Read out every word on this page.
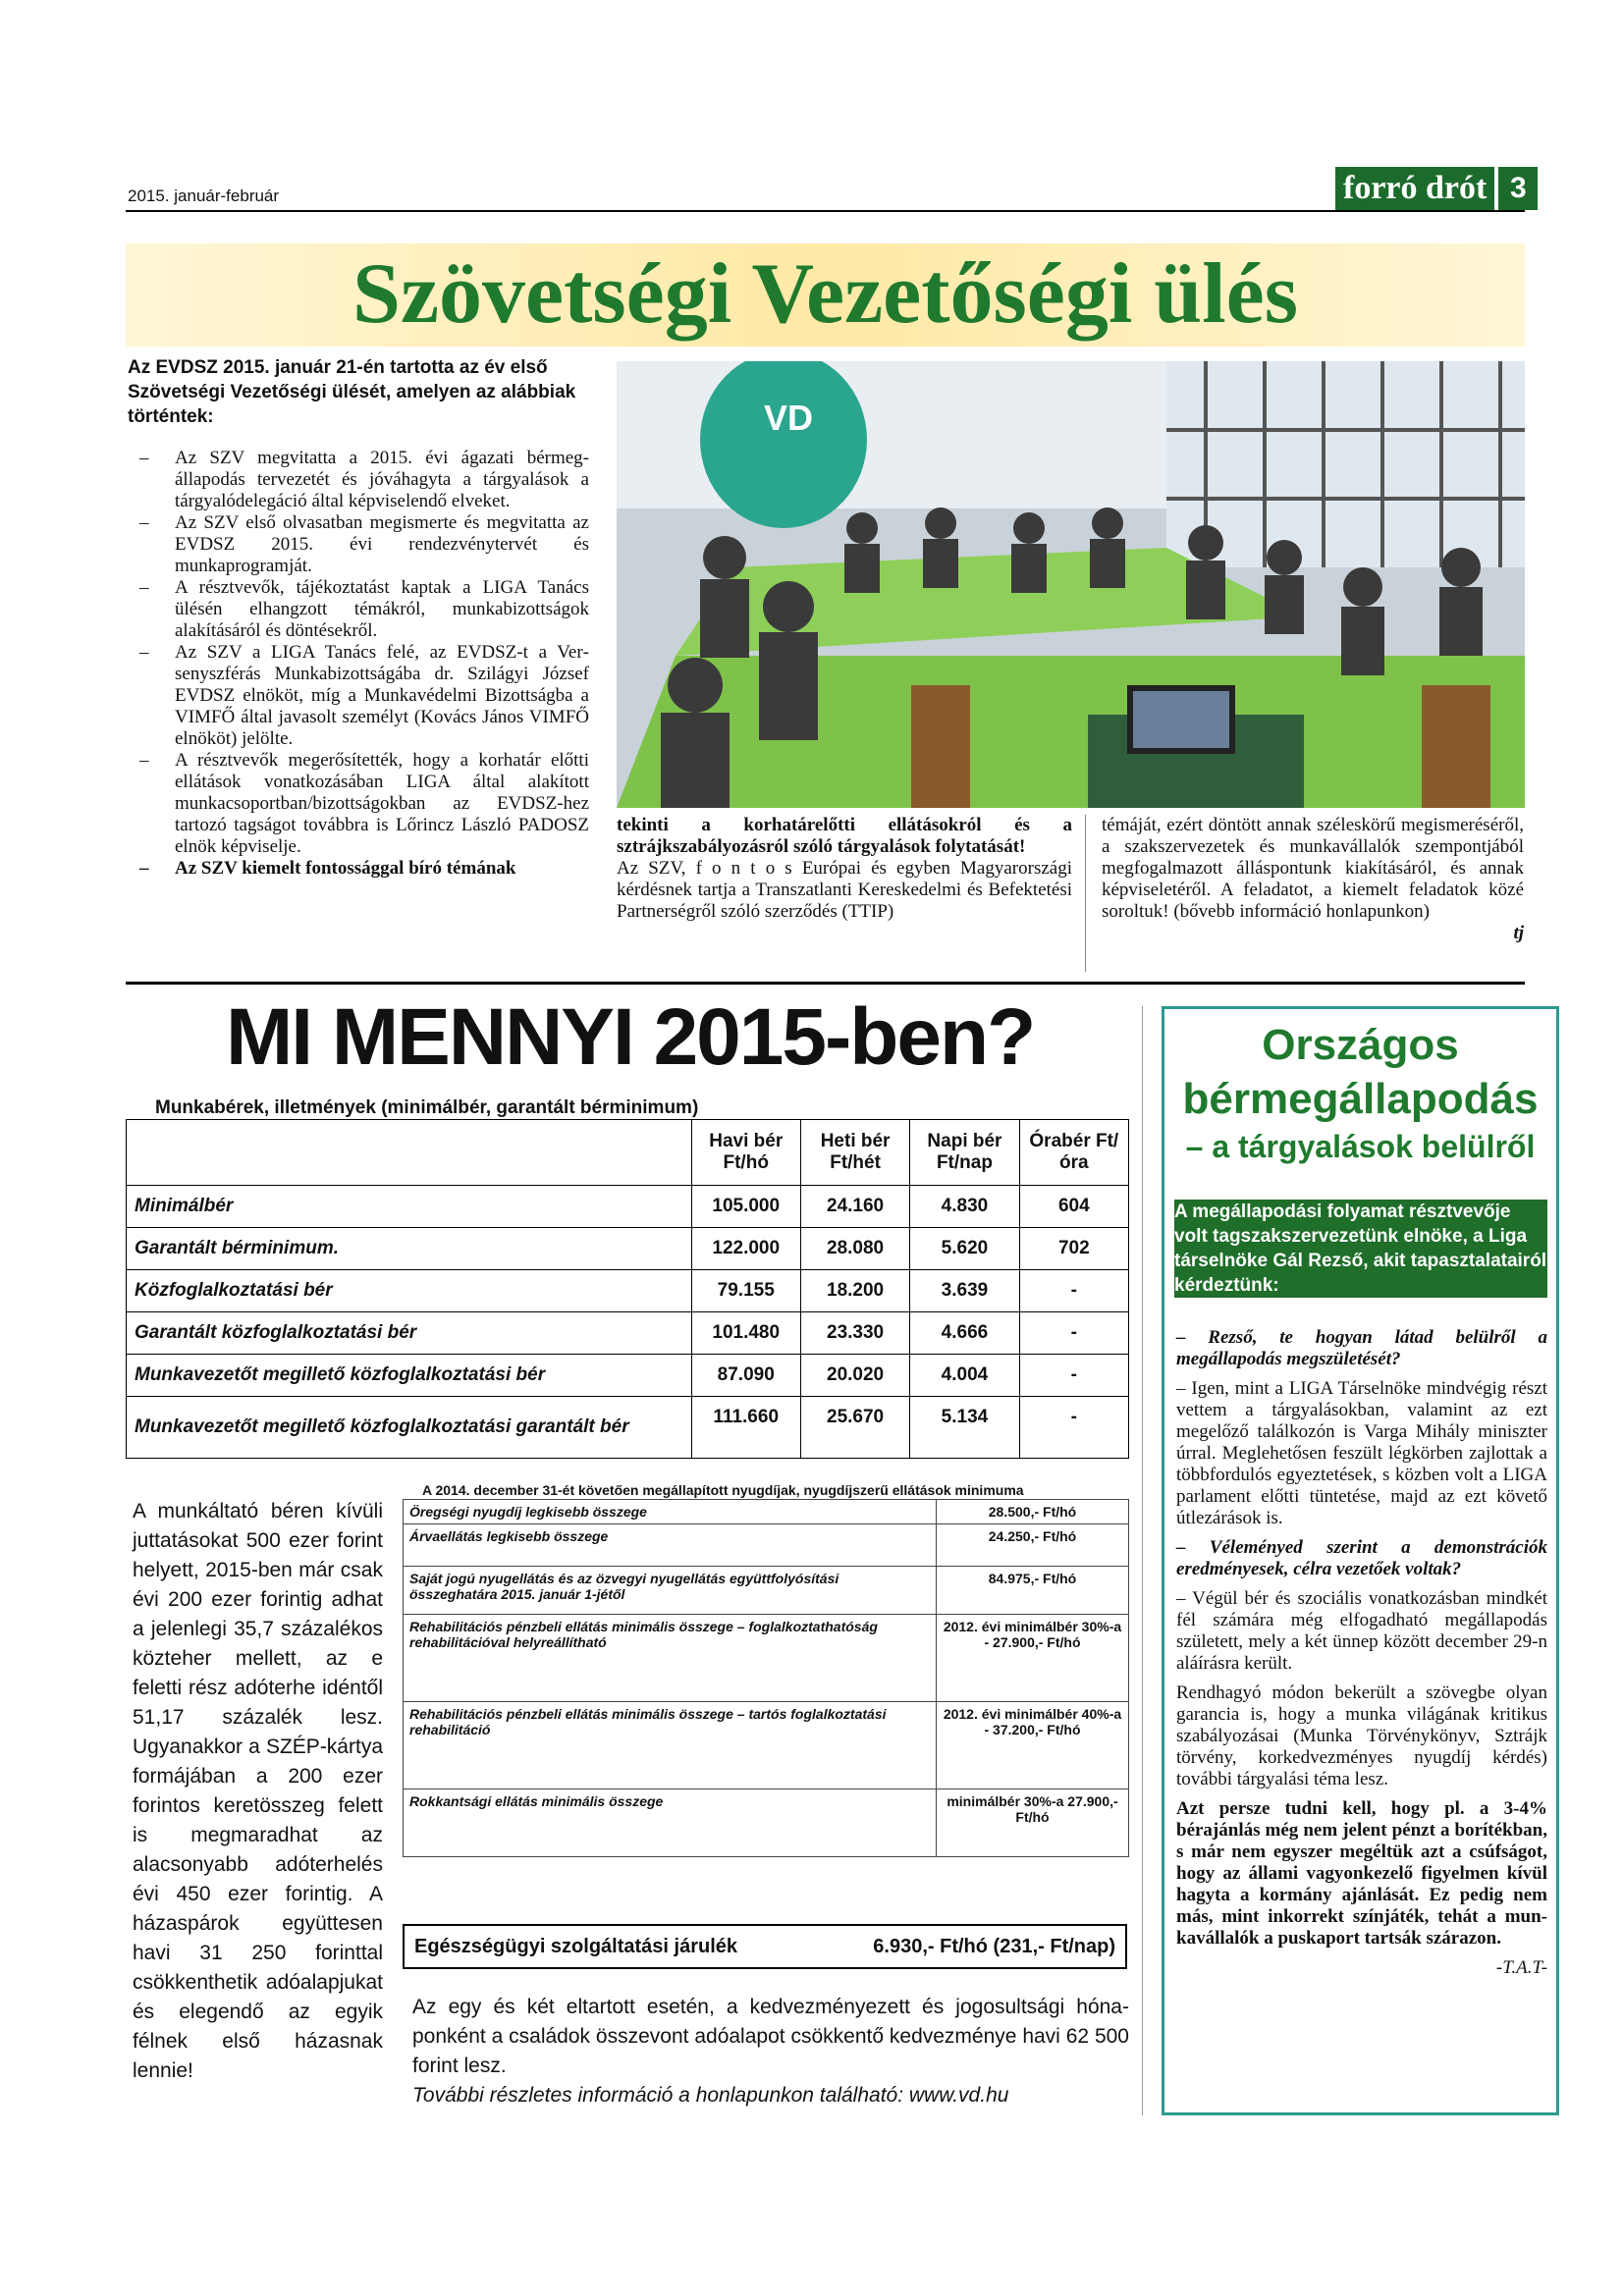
2015. január-február	forró drót 3
Szövetségi Vezetőségi ülés
Az EVDSZ 2015. január 21-én tartotta az év első Szövetségi Vezetőségi ülését, amelyen az alábbiak történtek:
– Az SZV megvitatta a 2015. évi ágazati bérmegállapodás tervezetét és jóváhagyta a tárgyalások a tárgyalódelegáció által képviselendő elveket.
– Az SZV első olvasatban megismerte és megvitatta az EVDSZ 2015. évi rendezvénytervét és munkaprogramját.
– A résztvevők, tájékoztatást kaptak a LIGA Tanács ülésén elhangzott témákról, munkabizottságok alakításáról és döntésekről.
– Az SZV a LIGA Tanács felé, az EVDSZ-t a Versenyszférás Munkabizottságába dr. Szilágyi József EVDSZ elnököt, míg a Munkavédelmi Bizottságba a VIMFŐ által javasolt személyt (Kovács János VIMFŐ elnököt) jelölte.
– A résztvevők megerősítették, hogy a korhatár előtti ellátások vonatkozásában LIGA által alakított munkacsoportban/bizottságokban az EVDSZ-hez tartozó tagságot továbbra is Lőrincz László PADOSZ elnök képviselje.
– Az SZV kiemelt fontossággal bíró témának
VD
tekinti a korhatárelőtti ellátásokról és a sztrájkszabályozásról szóló tárgyalások folytatását!
Az SZV, f o n t o s Európai és egyben Magyarországi kérdésnek tartja a Transzatlanti Kereskedelmi és Befektetési Partnerségről szóló szerződés (TTIP)
témáját, ezért döntött annak széleskörű megismeréséről, a szakszervezetek és munkavállalók szempontjából megfogalmazott álláspontunk kiakításáról, és annak képviseletéről. A feladatot, a kiemelt feladatok közé soroltuk! (bővebb információ honlapunkon)
tj
MI MENNYI 2015-ben?
Munkabérek, illetmények (minimálbér, garantált bérminimum)
	Havi bér Ft/hó	Heti bér Ft/hét	Napi bér Ft/nap	Órabér Ft/óra
Minimálbér	105.000	24.160	4.830	604
Garantált bérminimum.	122.000	28.080	5.620	702
Közfoglalkoztatási bér	79.155	18.200	3.639	-
Garantált közfoglalkoztatási bér	101.480	23.330	4.666	-
Munkavezetőt megillető közfoglalkoztatási bér	87.090	20.020	4.004	-
Munkavezetőt megillető közfoglalkoztatási garantált bér	111.660	25.670	5.134	-
A 2014. december 31-ét követően megállapított nyugdíjak, nyugdíjszerű ellátások minimuma
Öregségi nyugdíj legkisebb összege	28.500,- Ft/hó
Árvaellátás legkisebb összege	24.250,- Ft/hó
Saját jogú nyugellátás és az özvegyi nyugellátás együttfolyósítási összeghatára 2015. január 1-jétől	84.975,- Ft/hó
Rehabilitációs pénzbeli ellátás minimális összege – foglalkoztathatóság rehabilitációval helyreállítható	2012. évi minimálbér 30%-a - 27.900,- Ft/hó
Rehabilitációs pénzbeli ellátás minimális összege – tartós foglalkoztatási rehabilitáció	2012. évi minimálbér 40%-a - 37.200,- Ft/hó
Rokkantsági ellátás minimális összege	minimálbér 30%-a 27.900,- Ft/hó
Egészségügyi szolgáltatási járulék	6.930,- Ft/hó (231,- Ft/nap)
A munkáltató béren kívüli juttatásokat 500 ezer forint helyett, 2015-ben már csak évi 200 ezer forintig adhat a jelenlegi 35,7 százalékos közteher mellett, az e feletti rész adóterhe idéntől 51,17 százalék lesz. Ugyanakkor a SZÉP-kártya formájában a 200 ezer forintos keretösszeg felett is megmaradhat az alacsonyabb adóterhelés évi 450 ezer forintig. A házaspárok együttesen havi 31 250 forinttal csökkenthetik adóalapjukat és elegendő az egyik félnek első házasnak lennie!
Az egy és két eltartott esetén, a kedvezményezett és jogosultsági hónaponként a családok összevont adóalapot csökkentő kedvezménye havi 62 500 forint lesz.
További részletes információ a honlapunkon található: www.vd.hu
Országos
bérmegállapodás
– a tárgyalások belülről
A megállapodási folyamat résztvevője volt tagszakszervezetünk elnöke, a Liga társelnöke Gál Rezső, akit tapasztalatairól kérdeztünk:

– Rezső, te hogyan látad belülről a megállapodás megszületését?

– Igen, mint a LIGA Társelnöke mindvégig részt vettem a tárgyalásokban, valamint az ezt megelőző találkozón is Varga Mihály miniszter úrral. Meglehetősen feszült légkörben zajlottak a többfordulós egyeztetések, s közben volt a LIGA parlament előtti tüntetése, majd az ezt követő útlezárások is.

– Véleményed szerint a demonstrációk eredményesek, célra vezetőek voltak?

– Végül bér és szociális vonatkozásban mindkét fél számára még elfogadható megállapodás született, mely a két ünnep között december 29-n aláírásra került.

Rendhagyó módon bekerült a szövegbe olyan garancia is, hogy a munka világának kritikus szabályozásai (Munka Törvénykönyv, Sztrájk törvény, korkedvezményes nyugdíj kérdés) további tárgyalási téma lesz.

Azt persze tudni kell, hogy pl. a 3-4% bérajánlás még nem jelent pénzt a borítékban, s már nem egyszer megéltük azt a csúfságot, hogy az állami vagyonkezelő figyelmen kívül hagyta a kormány ajánlását. Ez pedig nem más, mint inkorrekt színjáték, tehát a munkavállalók a puskaport tartsák szárazon.

-T.A.T-
